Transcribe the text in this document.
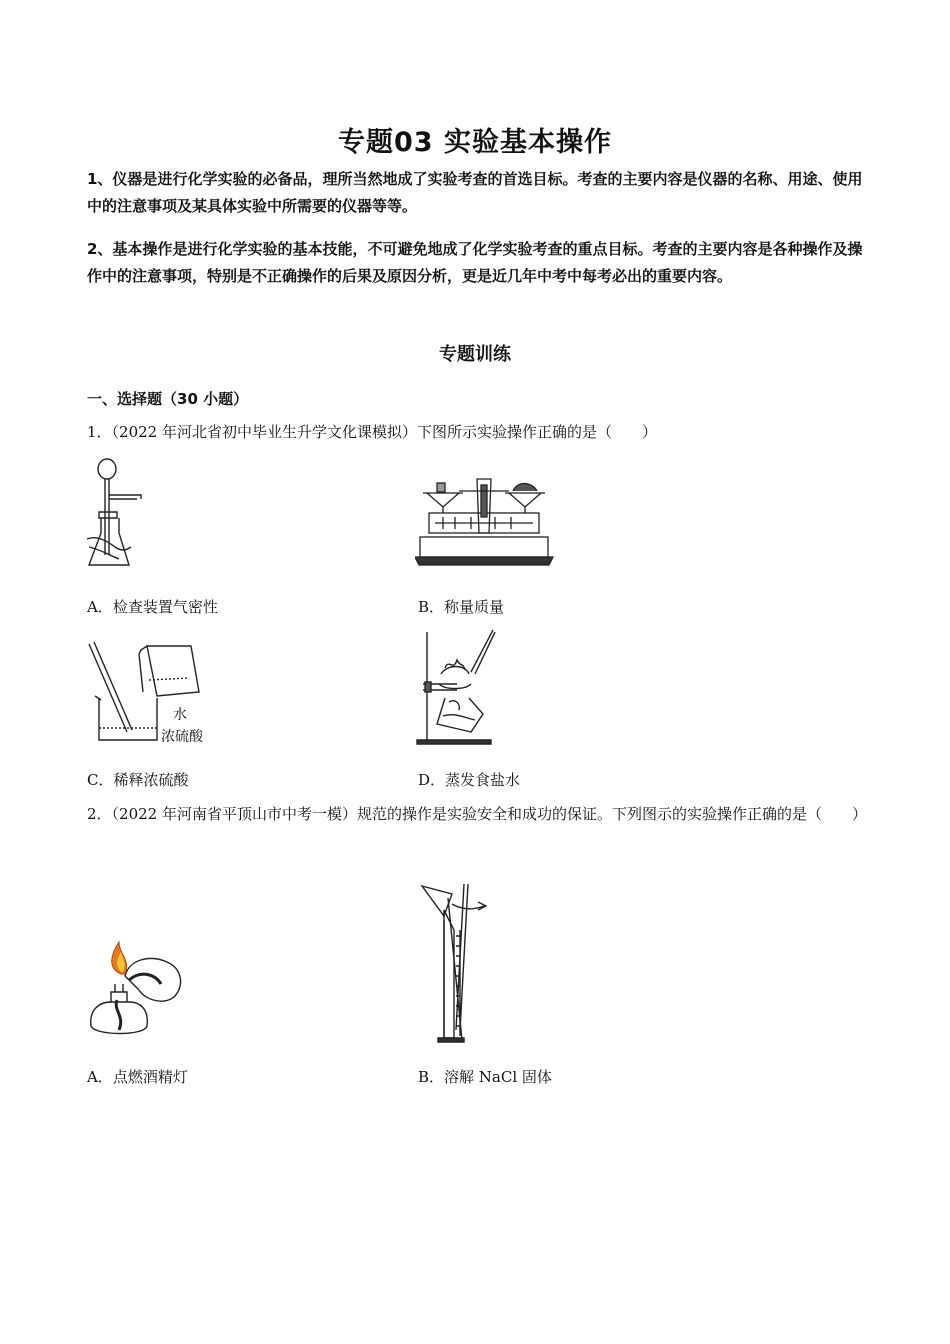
专题03 实验基本操作
1、仪器是进行化学实验的必备品，理所当然地成了实验考查的首选目标。考查的主要内容是仪器的名称、用途、使用中的注意事项及某具体实验中所需要的仪器等等。
2、基本操作是进行化学实验的基本技能，不可避免地成了化学实验考查的重点目标。考查的主要内容是各种操作及操作中的注意事项，特别是不正确操作的后果及原因分析，更是近几年中考中每考必出的重要内容。
专题训练
一、选择题（30 小题）
1．（2022 年河北省初中毕业生升学文化课模拟）下图所示实验操作正确的是（　　）
A．检查装置气密性	B．称量质量
水
浓硫酸
C．稀释浓硫酸	D．蒸发食盐水
2．（2022 年河南省平顶山市中考一模）规范的操作是实验安全和成功的保证。下列图示的实验操作正确的是（　　）
A．点燃酒精灯	B．溶解 NaCl 固体
